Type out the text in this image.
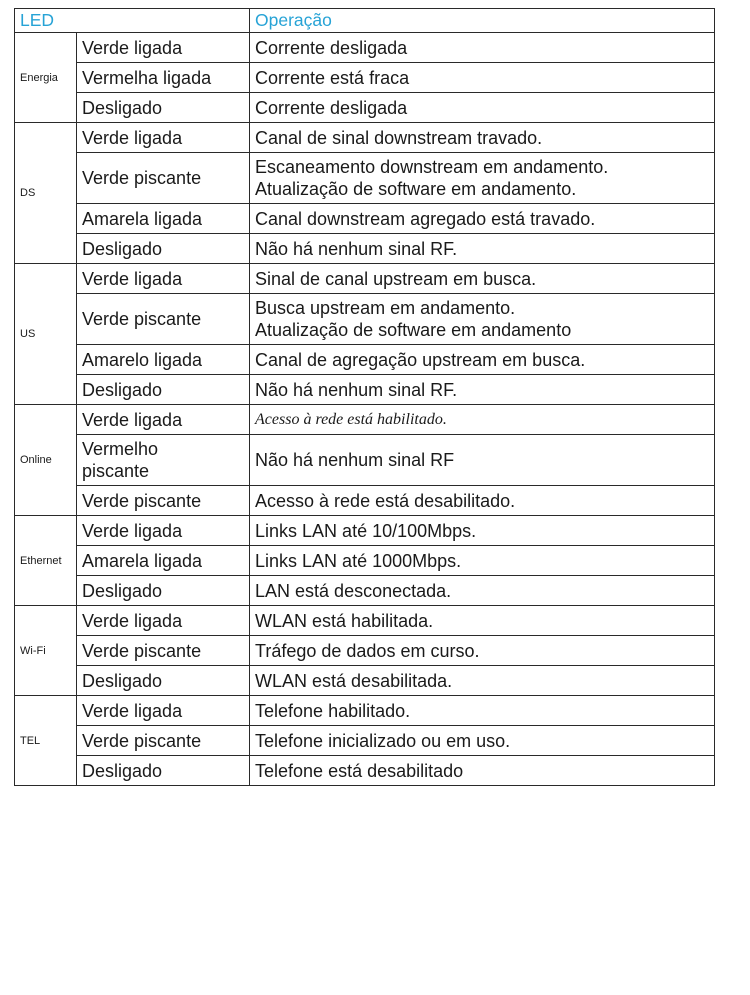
LED		Operação
Energia	Verde ligada	Corrente desligada

	Vermelha ligada	Corrente está fraca

	Desligado	Corrente desligada

DS	Verde ligada	Canal de sinal downstream travado.

	Verde piscante	Escaneamento downstream em andamento.
Atualização de software em andamento.

	Amarela ligada	Canal downstream agregado está travado.

	Desligado	Não há nenhum sinal RF.

US	Verde ligada	Sinal de canal upstream em busca.

	Verde piscante	Busca upstream em andamento.
Atualização de software em andamento

	Amarelo ligada	Canal de agregação upstream em busca.

	Desligado	Não há nenhum sinal RF.

Online	Verde ligada	Acesso à rede está habilitado.

	Vermelho
piscante	Não há nenhum sinal RF

	Verde piscante	Acesso à rede está desabilitado.

Ethernet	Verde ligada	Links LAN até 10/100Mbps.

	Amarela ligada	Links LAN até 1000Mbps.

	Desligado	LAN está desconectada.

Wi-Fi	Verde ligada	WLAN está habilitada.

	Verde piscante	Tráfego de dados em curso.

	Desligado	WLAN está desabilitada.

TEL	Verde ligada	Telefone habilitado.

	Verde piscante	Telefone inicializado ou em uso.

	Desligado	Telefone está desabilitado
